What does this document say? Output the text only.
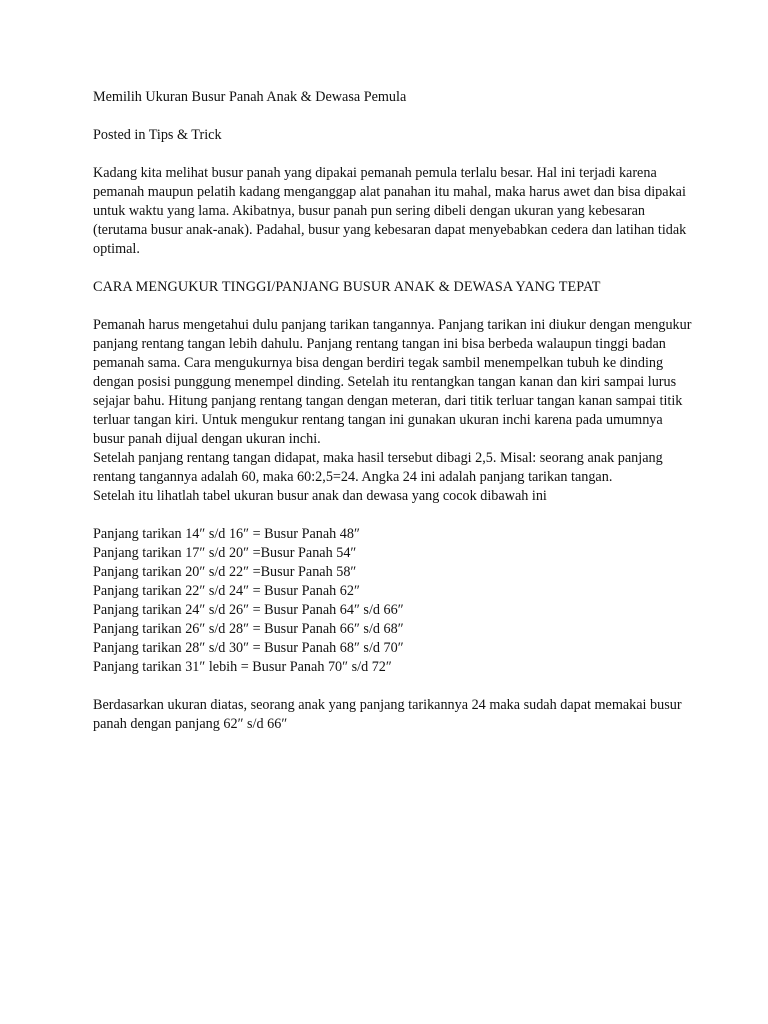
Memilih Ukuran Busur Panah Anak & Dewasa Pemula

Posted in Tips & Trick

Kadang kita melihat busur panah yang dipakai pemanah pemula terlalu besar. Hal ini terjadi karena pemanah maupun pelatih kadang menganggap alat panahan itu mahal, maka harus awet dan bisa dipakai untuk waktu yang lama. Akibatnya, busur panah pun sering dibeli dengan ukuran yang kebesaran (terutama busur anak-anak). Padahal, busur yang kebesaran dapat menyebabkan cedera dan latihan tidak optimal.

CARA MENGUKUR TINGGI/PANJANG BUSUR ANAK & DEWASA YANG TEPAT

Pemanah harus mengetahui dulu panjang tarikan tangannya. Panjang tarikan ini diukur dengan mengukur panjang rentang tangan lebih dahulu. Panjang rentang tangan ini bisa berbeda walaupun tinggi badan pemanah sama. Cara mengukurnya bisa dengan berdiri tegak sambil menempelkan tubuh ke dinding dengan posisi punggung menempel dinding. Setelah itu rentangkan tangan kanan dan kiri sampai lurus sejajar bahu. Hitung panjang rentang tangan dengan meteran, dari titik terluar tangan kanan sampai titik terluar tangan kiri. Untuk mengukur rentang tangan ini gunakan ukuran inchi karena pada umumnya busur panah dijual dengan ukuran inchi.

Setelah panjang rentang tangan didapat, maka hasil tersebut dibagi 2,5. Misal: seorang anak panjang rentang tangannya adalah 60, maka 60:2,5=24. Angka 24 ini adalah panjang tarikan tangan.

Setelah itu lihatlah tabel ukuran busur anak dan dewasa yang cocok dibawah ini

Panjang tarikan 14″ s/d 16″ = Busur Panah 48″

Panjang tarikan 17″ s/d 20″ =Busur Panah 54″

Panjang tarikan 20″ s/d 22″ =Busur Panah 58″

Panjang tarikan 22″ s/d 24″ = Busur Panah 62″

Panjang tarikan 24″ s/d 26″ = Busur Panah 64″ s/d 66″

Panjang tarikan 26″ s/d 28″ = Busur Panah 66″ s/d 68″

Panjang tarikan 28″ s/d 30″ = Busur Panah 68″ s/d 70″

Panjang tarikan 31″ lebih = Busur Panah 70″ s/d 72″

Berdasarkan ukuran diatas, seorang anak yang panjang tarikannya 24 maka sudah dapat memakai busur panah dengan panjang 62″ s/d 66″
